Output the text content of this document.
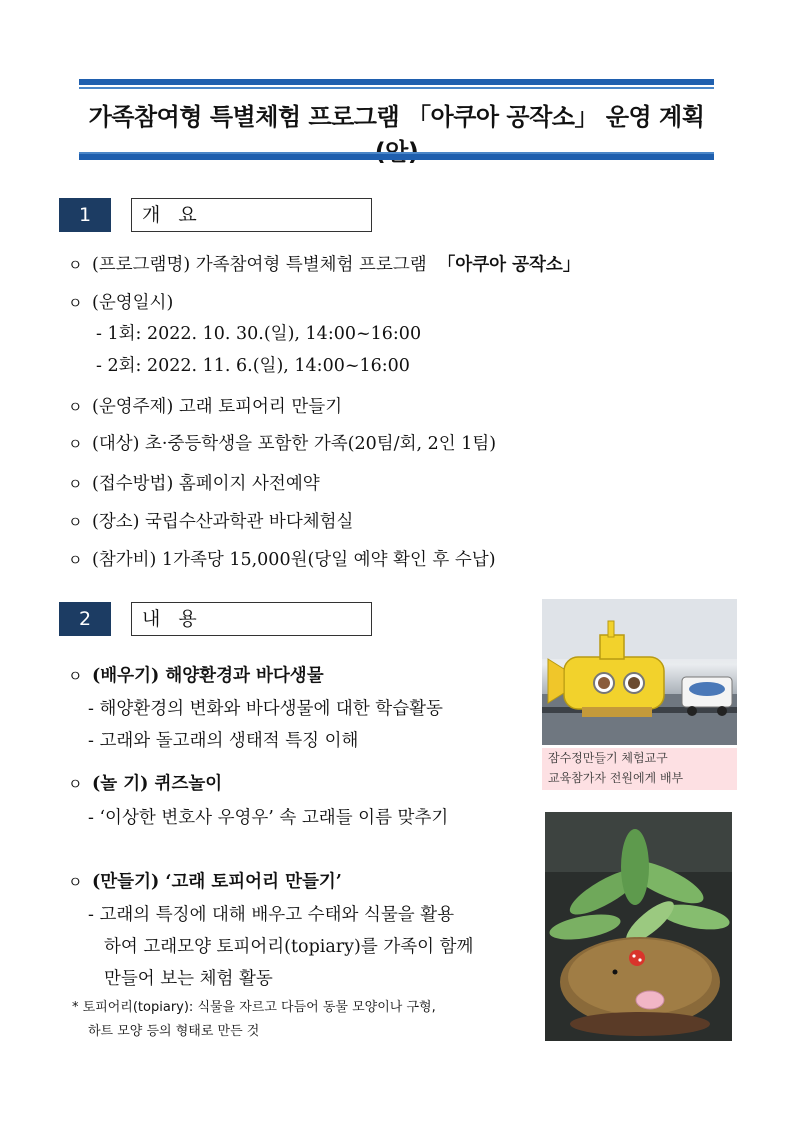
가족참여형 특별체험 프로그램 「아쿠아 공작소」 운영 계획
1	개 요
ㅇ (프로그램명) 가족참여형 특별체험 프로그램 「아쿠아 공작소」
ㅇ (운영일시)
- 1회: 2022. 10. 30.(일), 14:00~16:00
- 2회: 2022. 11. 6.(일), 14:00~16:00
ㅇ (운영주제) 고래 토피어리 만들기
ㅇ (대상) 초·중등학생을 포함한 가족(20팀/회, 2인 1팀)
ㅇ (접수방법) 홈페이지 사전예약
ㅇ (장소) 국립수산과학관 바다체험실
ㅇ (참가비) 1가족당 15,000원(당일 예약 확인 후 수납)
2	내 용
ㅇ (배우기) 해양환경과 바다생물
- 해양환경의 변화와 바다생물에 대한 학습활동
- 고래와 돌고래의 생태적 특징 이해
ㅇ (놀 기) 퀴즈놀이
- ‘이상한 변호사 우영우’ 속 고래들 이름 맞추기
ㅇ (만들기) ‘고래 토피어리 만들기’
- 고래의 특징에 대해 배우고 수태와 식물을 활용
하여 고래모양 토피어리(topiary)를 가족이 함께
만들어 보는 체험 활동
* 토피어리(topiary): 식물을 자르고 다듬어 동물 모양이나 구형,
하트 모양 등의 형태로 만든 것
잠수정만들기 체험교구
교육참가자 전원에게 배부
